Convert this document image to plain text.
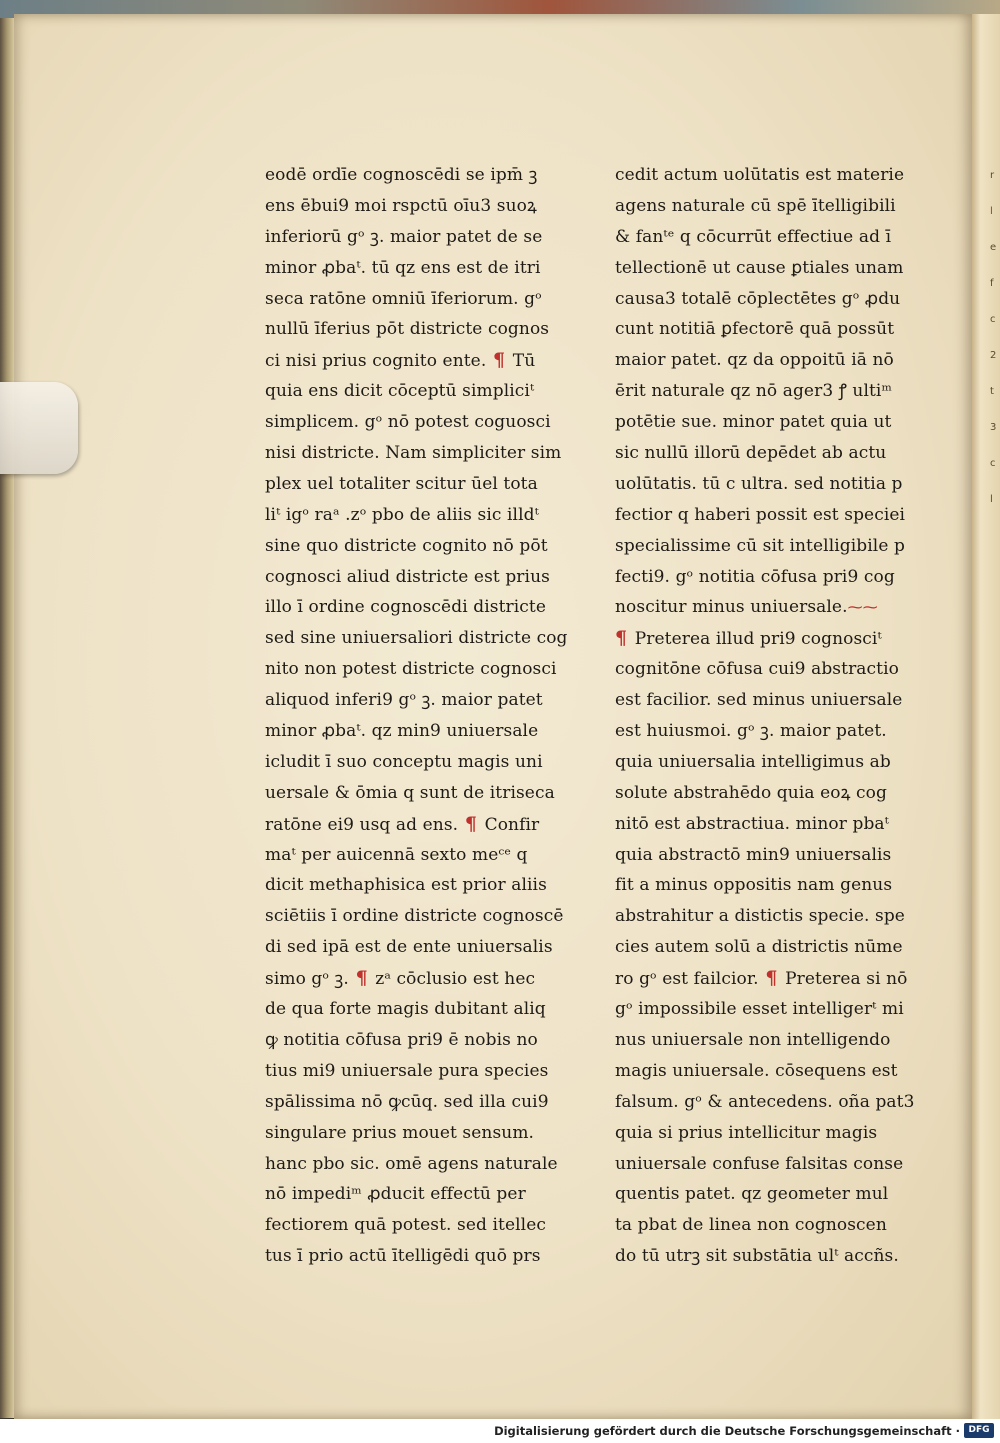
r
l
e
f
c
2
t
3
c
l
eodē ordīe cognoscēdi se ipm̄ ꝫ
ens ēbui9 moi rspctū oīu3 suoꝝ
inferiorū gᵒ ꝫ. maior patet de se
minor ꝓbaᵗ. tū qz ens est de itri
seca ratōne omniū īferiorum. gᵒ
nullū īferius pōt districte cognos
ci nisi prius cognito ente. ¶ Tū
quia ens dicit cōceptū simpliciᵗ
simplicem. gᵒ nō potest coguosci
nisi districte. Nam simpliciter sim
plex uel totaliter scitur ūel tota
liᵗ igᵒ raᵃ .zᵒ pbo de aliis sic illdᵗ
sine quo districte cognito nō pōt
cognosci aliud districte est prius
illo ī ordine cognoscēdi districte
sed sine uniuersaliori districte cog
nito non potest districte cognosci
aliquod inferi9 gᵒ ꝫ. maior patet
minor ꝓbaᵗ. qz min9 uniuersale
icludit ī suo conceptu magis uni
uersale & ōmia q sunt de itriseca
ratōne ei9 usq ad ens. ¶ Confir
maᵗ per auicennā sexto meᶜᵉ q
dicit methaphisica est prior aliis
sciētiis ī ordine districte cognoscē
di sed ipā est de ente uniuersalis
simo gᵒ ꝫ. ¶ zᵃ cōclusio est hec
de qua forte magis dubitant aliq
ꝙ notitia cōfusa pri9 ē nobis no
tius mi9 uniuersale pura species
spālissima nō ꝙcūq. sed illa cui9
singulare prius mouet sensum.
hanc pbo sic. omē agens naturale
nō impediᵐ ꝓducit effectū per
fectiorem quā potest. sed itellec
tus ī prio actū ītelligēdi quō prs
cedit actum uolūtatis est materie
agens naturale cū spē ītelligibili
& fanᵗᵉ q cōcurrūt effectiue ad ī
tellectionē ut cause ꝑtiales unam
causa3 totalē cōplectētes gᵒ ꝓdu
cunt notitiā ꝑfectorē quā possūt
maior patet. qz da oppoitū iā nō
ērit naturale qz nō ager3 ꝭ ultiᵐ
potētie sue. minor patet quia ut
sic nullū illorū depēdet ab actu
uolūtatis. tū c ultra. sed notitia p
fectior q haberi possit est speciei
specialissime cū sit intelligibile p
fecti9. gᵒ notitia cōfusa pri9 cog
noscitur minus uniuersale.⁓⁓
¶ Preterea illud pri9 cognosciᵗ
cognitōne cōfusa cui9 abstractio
est facilior. sed minus uniuersale
est huiusmoi. gᵒ ꝫ. maior patet.
quia uniuersalia intelligimus ab
solute abstrahēdo quia eoꝝ cog
nitō est abstractiua. minor pbaᵗ
quia abstractō min9 uniuersalis
fit a minus oppositis nam genus
abstrahitur a distictis specie. spe
cies autem solū a districtis nūme
ro gᵒ est failcior. ¶ Preterea si nō
gᵒ impossibile esset intelligerᵗ mi
nus uniuersale non intelligendo
magis uniuersale. cōsequens est
falsum. gᵒ & antecedens. oña pat3
quia si prius intellicitur magis
uniuersale confuse falsitas conse
quentis patet. qz geometer mul
ta pbat de linea non cognoscen
do tū utrꝫ sit substātia ulᵗ accñs.
Digitalisierung gefördert durch die Deutsche Forschungsgemeinschaft · DFG
